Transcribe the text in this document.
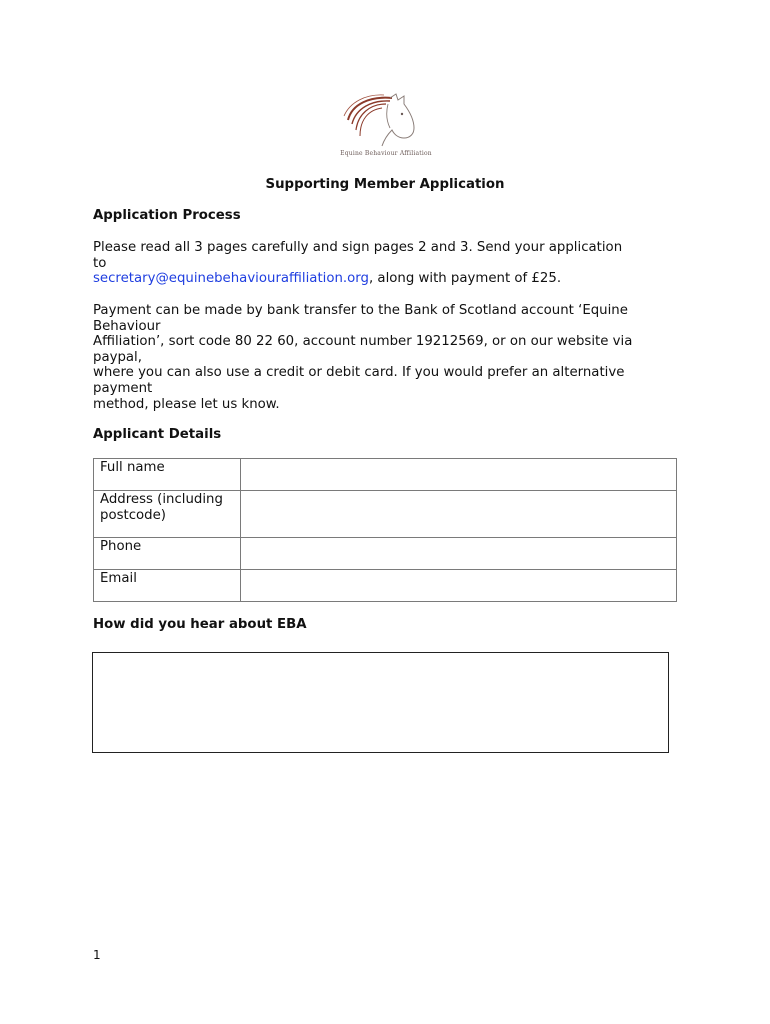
Equine Behaviour Affiliation
Supporting Member Application
Application Process
Please read all 3 pages carefully and sign pages 2 and 3. Send your application
to
secretary@equinebehaviouraffiliation.org, along with payment of £25.
Payment can be made by bank transfer to the Bank of Scotland account ‘Equine
Behaviour
Affiliation’, sort code 80 22 60, account number 19212569, or on our website via
paypal,
where you can also use a credit or debit card. If you would prefer an alternative
payment
method, please let us know.
Applicant Details
Full name	
Address (including
postcode)	
Phone	
Email	
How did you hear about EBA
1
